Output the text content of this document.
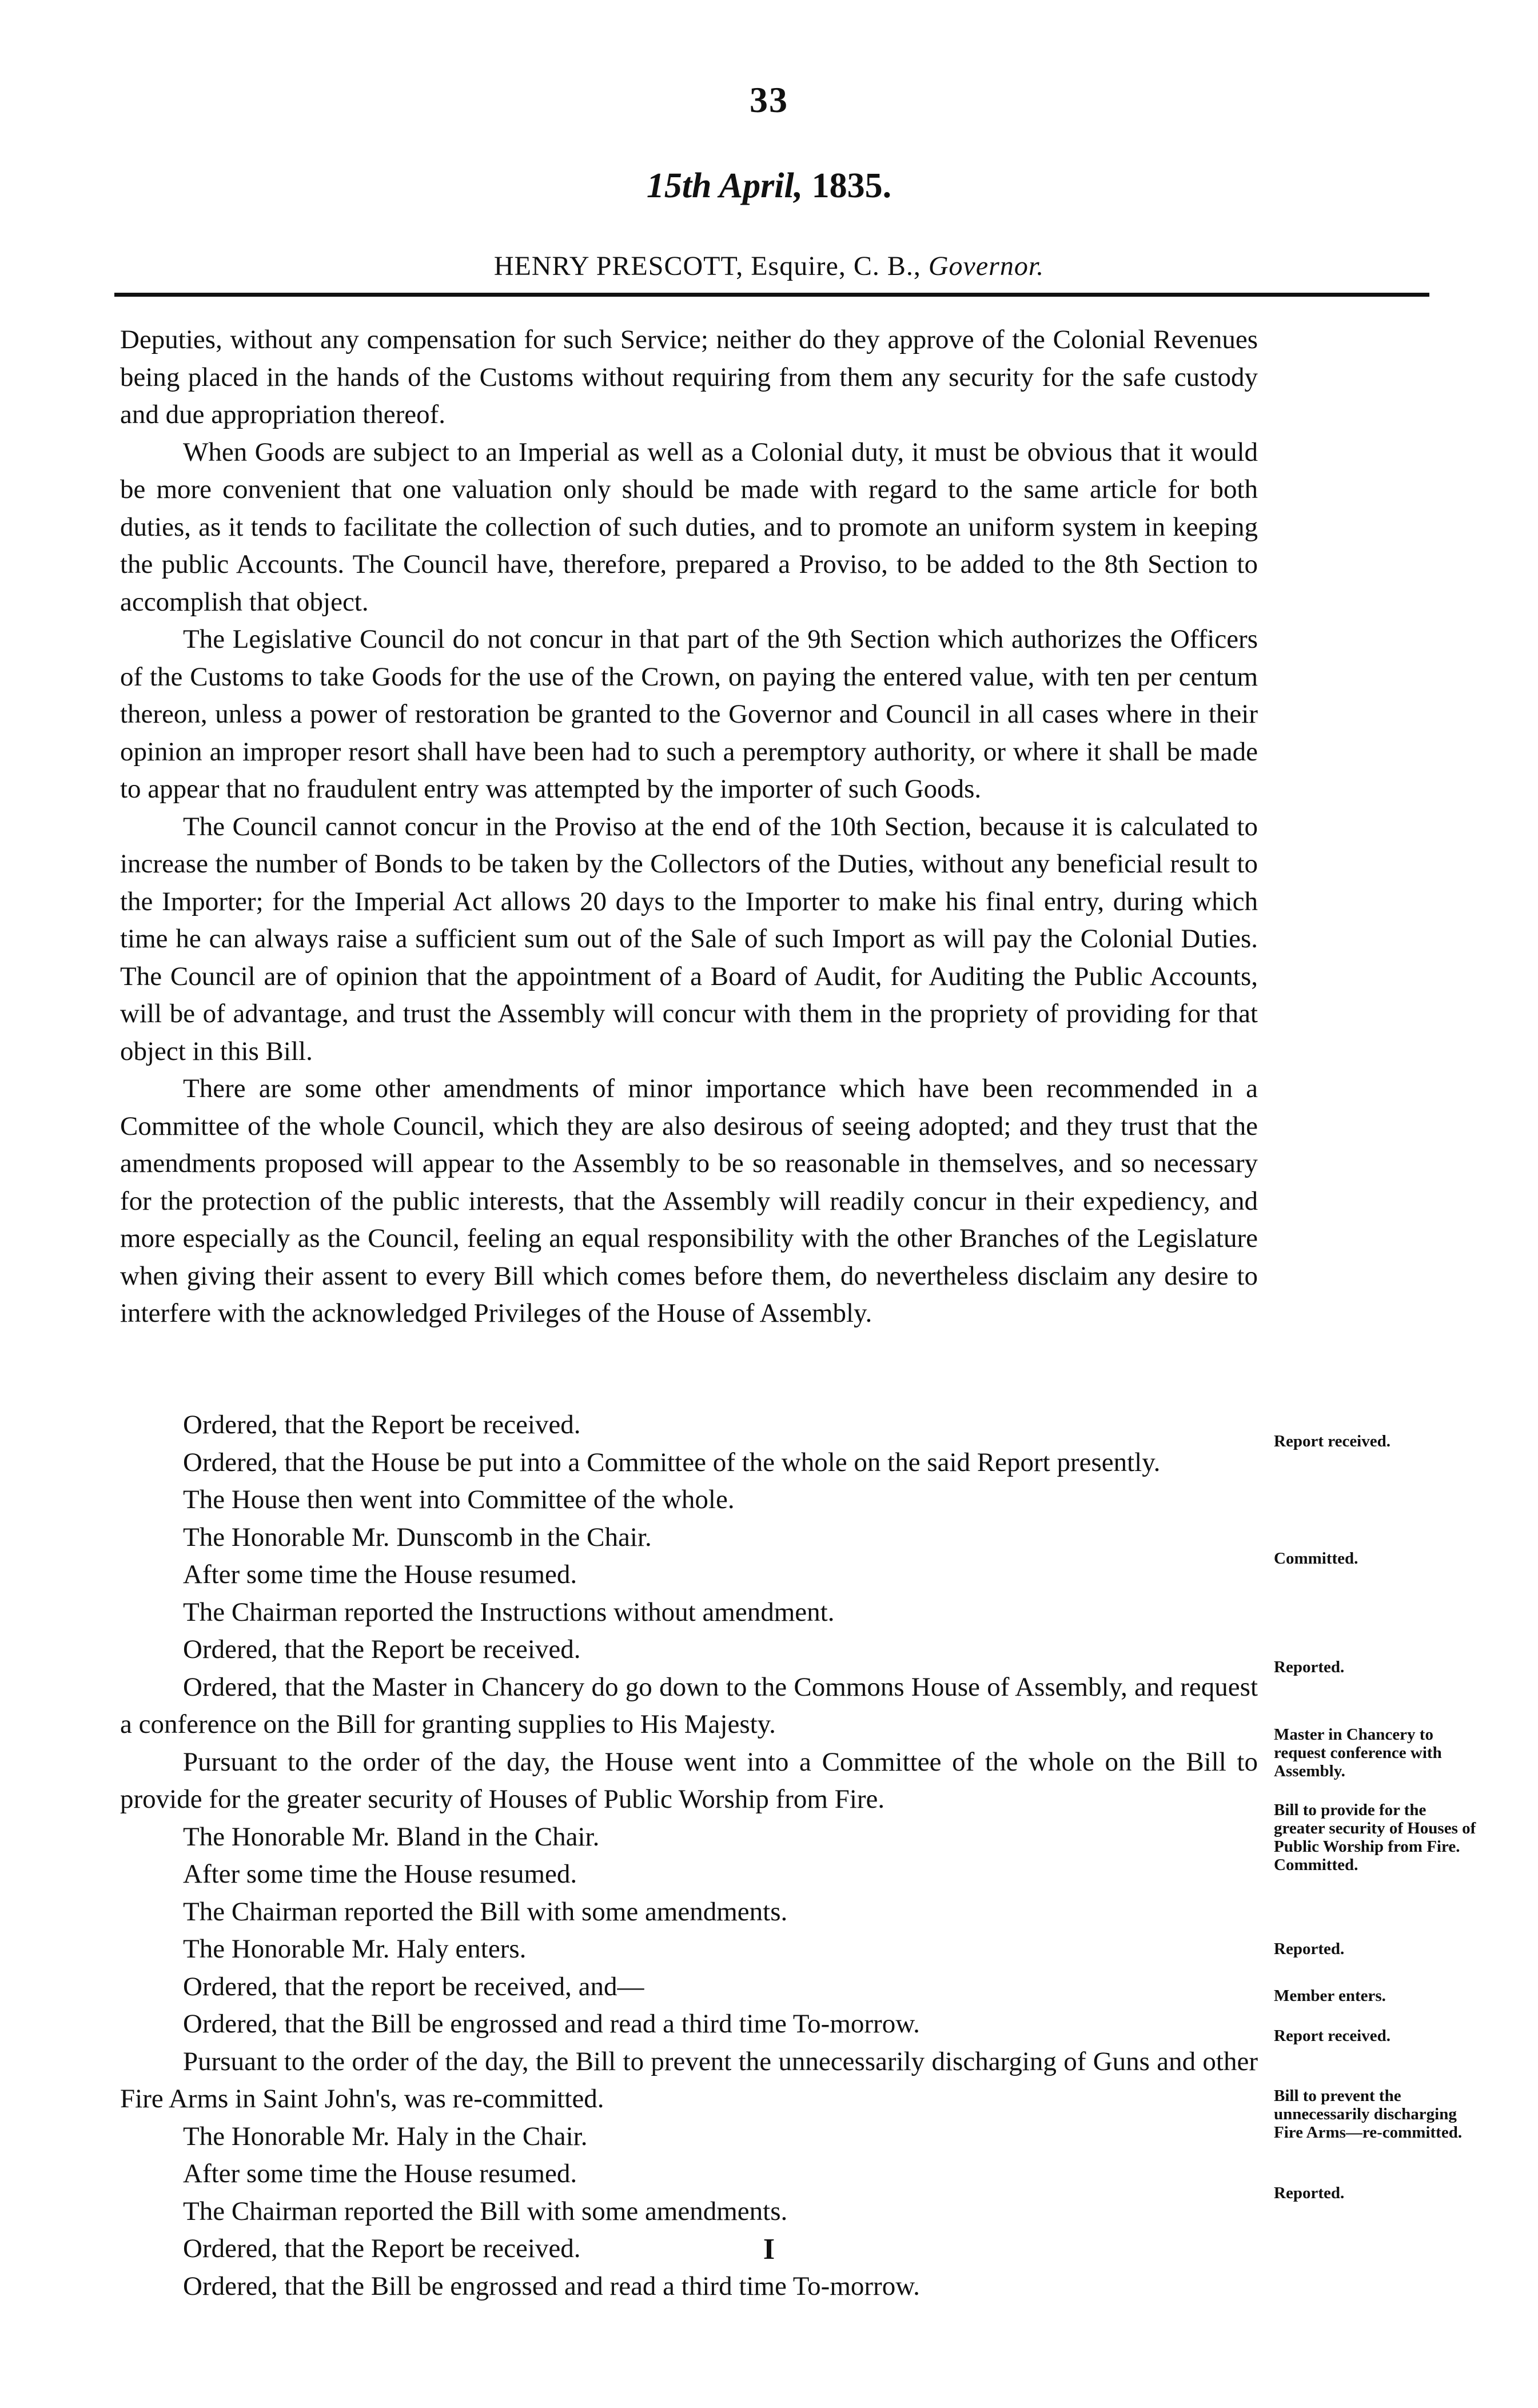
33
15th April, 1835.
HENRY PRESCOTT, Esquire, C. B., Governor.

Deputies, without any compensation for such Service; neither do they approve of the Colonial Revenues being placed in the hands of the Customs without requiring from them any security for the safe custody and due appropriation thereof.

When Goods are subject to an Imperial as well as a Colonial duty, it must be obvious that it would be more convenient that one valuation only should be made with regard to the same article for both duties, as it tends to facilitate the collection of such duties, and to promote an uniform system in keeping the public Accounts. The Council have, therefore, prepared a Proviso, to be added to the 8th Section to accomplish that object.

The Legislative Council do not concur in that part of the 9th Section which authorizes the Officers of the Customs to take Goods for the use of the Crown, on paying the entered value, with ten per centum thereon, unless a power of restoration be granted to the Governor and Council in all cases where in their opinion an improper resort shall have been had to such a peremptory authority, or where it shall be made to appear that no fraudulent entry was attempted by the importer of such Goods.

The Council cannot concur in the Proviso at the end of the 10th Section, because it is calculated to increase the number of Bonds to be taken by the Collectors of the Duties, without any beneficial result to the Importer; for the Imperial Act allows 20 days to the Importer to make his final entry, during which time he can always raise a sufficient sum out of the Sale of such Import as will pay the Colonial Duties. The Council are of opinion that the appointment of a Board of Audit, for Auditing the Public Accounts, will be of advantage, and trust the Assembly will concur with them in the propriety of providing for that object in this Bill.

There are some other amendments of minor importance which have been recommended in a Committee of the whole Council, which they are also desirous of seeing adopted; and they trust that the amendments proposed will appear to the Assembly to be so reasonable in themselves, and so necessary for the protection of the public interests, that the Assembly will readily concur in their expediency, and more especially as the Council, feeling an equal responsibility with the other Branches of the Legislature when giving their assent to every Bill which comes before them, do nevertheless disclaim any desire to interfere with the acknowledged Privileges of the House of Assembly.

Ordered, that the Report be received.

Ordered, that the House be put into a Committee of the whole on the said Report presently.

The House then went into Committee of the whole.

The Honorable Mr. Dunscomb in the Chair.

After some time the House resumed.

The Chairman reported the Instructions without amendment.

Ordered, that the Report be received.

Ordered, that the Master in Chancery do go down to the Commons House of Assembly, and request a conference on the Bill for granting supplies to His Majesty.

Pursuant to the order of the day, the House went into a Committee of the whole on the Bill to provide for the greater security of Houses of Public Worship from Fire.

The Honorable Mr. Bland in the Chair.

After some time the House resumed.

The Chairman reported the Bill with some amendments.

The Honorable Mr. Haly enters.

Ordered, that the report be received, and—

Ordered, that the Bill be engrossed and read a third time To-morrow.

Pursuant to the order of the day, the Bill to prevent the unnecessarily discharging of Guns and other Fire Arms in Saint John's, was re-committed.

The Honorable Mr. Haly in the Chair.

After some time the House resumed.

The Chairman reported the Bill with some amendments.

Ordered, that the Report be received.

Ordered, that the Bill be engrossed and read a third time To-morrow.

Report received.
Committed.
Reported.
Master in Chancery to request conference with Assembly.
Bill to provide for the greater security of Houses of Public Worship from Fire. Committed.
Reported.
Member enters.
Report received.
Bill to prevent the unnecessarily discharging Fire Arms—re-committed.
Reported.
I
